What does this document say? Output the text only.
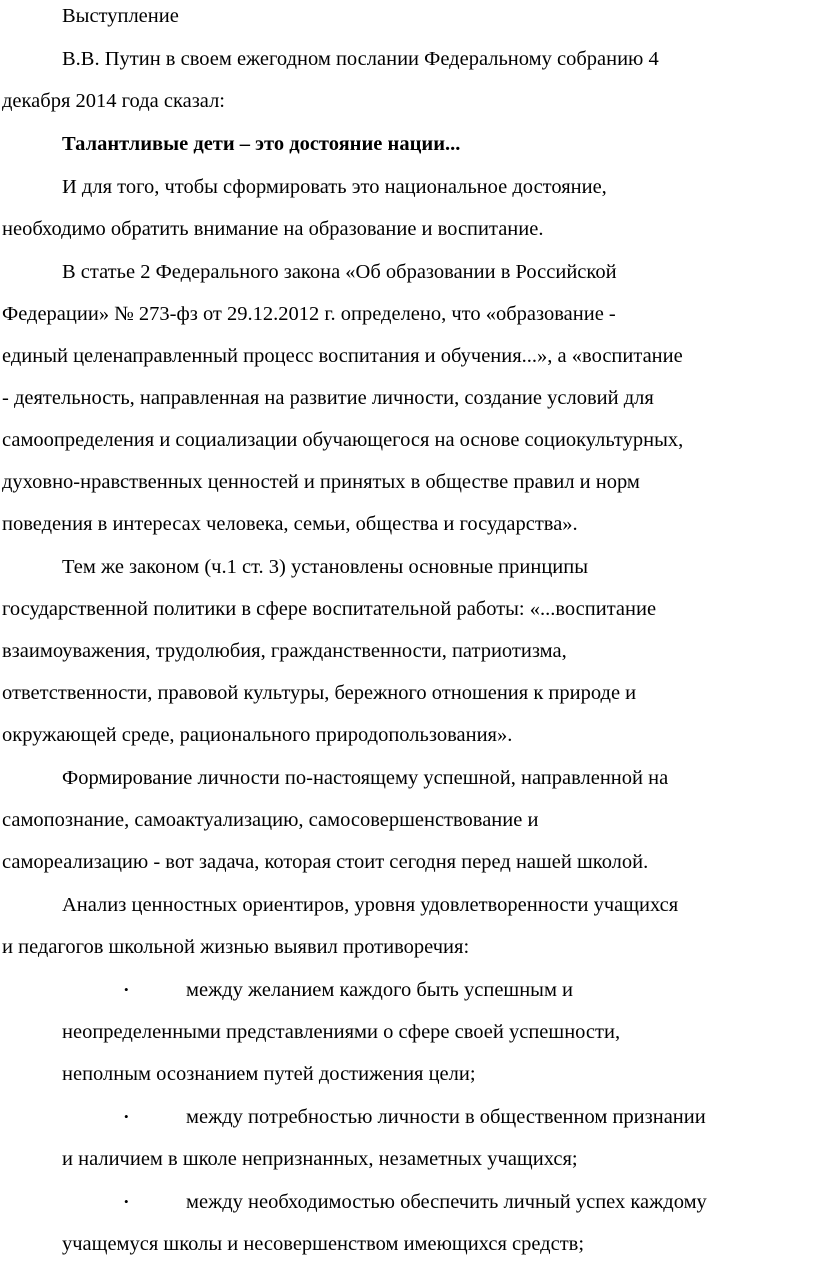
Выступление
В.В. Путин в своем ежегодном послании Федеральному собранию 4
декабря 2014 года сказал:
Талантливые дети – это достояние нации...
И для того, чтобы сформировать это национальное достояние,
необходимо обратить внимание на образование и воспитание.
В статье 2 Федерального закона «Об образовании в Российской
Федерации» № 273-фз от 29.12.2012 г. определено, что «образование -
единый целенаправленный процесс воспитания и обучения...», а «воспитание
- деятельность, направленная на развитие личности, создание условий для
самоопределения и социализации обучающегося на основе социокультурных,
духовно-нравственных ценностей и принятых в обществе правил и норм
поведения в интересах человека, семьи, общества и государства».
Тем же законом (ч.1 ст. 3) установлены основные принципы
государственной политики в сфере воспитательной работы: «...воспитание
взаимоуважения, трудолюбия, гражданственности, патриотизма,
ответственности, правовой культуры, бережного отношения к природе и
окружающей среде, рационального природопользования».
Формирование личности по-настоящему успешной, направленной на
самопознание, самоактуализацию, самосовершенствование и
самореализацию - вот задача, которая стоит сегодня перед нашей школой.
Анализ ценностных ориентиров, уровня удовлетворенности учащихся
и педагогов школьной жизнью выявил противоречия:
•	между желанием каждого быть успешным и
неопределенными представлениями о сфере своей успешности,
неполным осознанием путей достижения цели;
•	между потребностью личности в общественном признании
и наличием в школе непризнанных, незаметных учащихся;
•	между необходимостью обеспечить личный успех каждому
учащемуся школы и несовершенством имеющихся средств;
